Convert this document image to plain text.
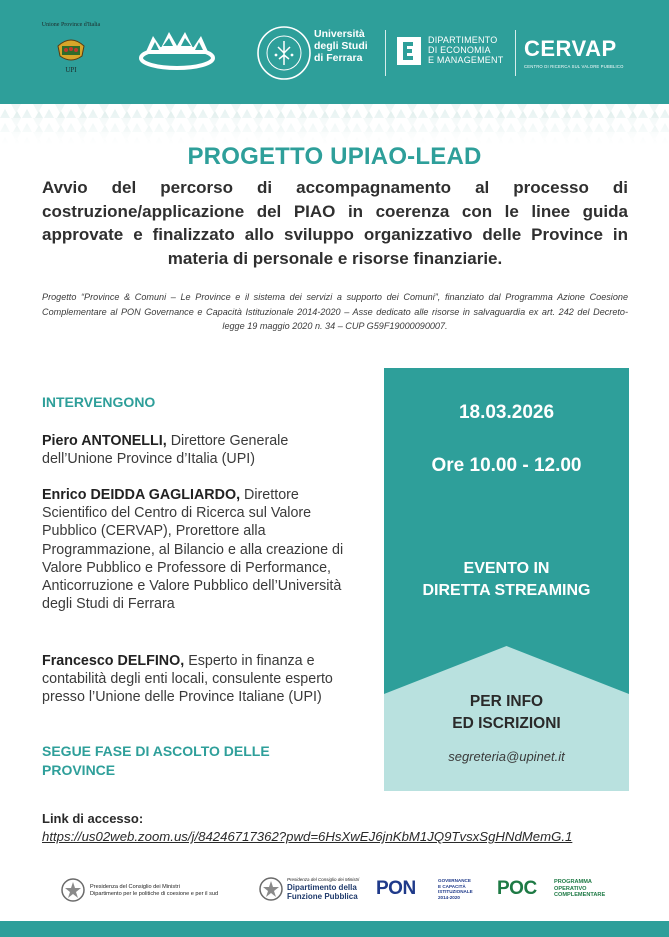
Unione Province d'Italia
UPI
Università
degli Studi
di Ferrara
DIPARTIMENTO
DI ECONOMIA
E MANAGEMENT CERVAP
CENTRO DI RICERCA SUL VALORE PUBBLICO
PROGETTO UPIAO-LEAD
Avvio del percorso di accompagnamento al processo di costruzione/applicazione del PIAO in coerenza con le linee guida approvate e finalizzato allo sviluppo organizzativo delle Province in materia di personale e risorse finanziarie.
Progetto “Province & Comuni – Le Province e il sistema dei servizi a supporto dei Comuni”, finanziato dal Programma Azione Coesione Complementare al PON Governance e Capacità Istituzionale 2014-2020 – Asse dedicato alle risorse in salvaguardia ex art. 242 del Decreto-legge 19 maggio 2020 n. 34 – CUP G59F19000090007.
INTERVENGONO
Piero ANTONELLI, Direttore Generale dell’Unione Province d’Italia (UPI)
Enrico DEIDDA GAGLIARDO, Direttore Scientifico del Centro di Ricerca sul Valore Pubblico (CERVAP), Prorettore alla Programmazione, al Bilancio e alla creazione di Valore Pubblico e Professore di Performance, Anticorruzione e Valore Pubblico dell’Università degli Studi di Ferrara
Francesco DELFINO, Esperto in finanza e contabilità degli enti locali, consulente esperto presso l’Unione delle Province Italiane (UPI)
SEGUE FASE DI ASCOLTO DELLE PROVINCE
18.03.2026
Ore 10.00 - 12.00
EVENTO IN
DIRETTA STREAMING
PER INFO
ED ISCRIZIONI
segreteria@upinet.it
Link di accesso:
https://us02web.zoom.us/j/84246717362?pwd=6HsXwEJ6jnKbM1JQ9TvsxSgHNdMemG.1
Presidenza del Consiglio dei Ministri
Dipartimento per le politiche di coesione e per il sud
Presidenza del Consiglio dei Ministri
Dipartimento della
Funzione Pubblica PON	GOVERNANCE
E CAPACITÀ
ISTITUZIONALE
2014-2020	POC	PROGRAMMA
OPERATIVO
COMPLEMENTARE
